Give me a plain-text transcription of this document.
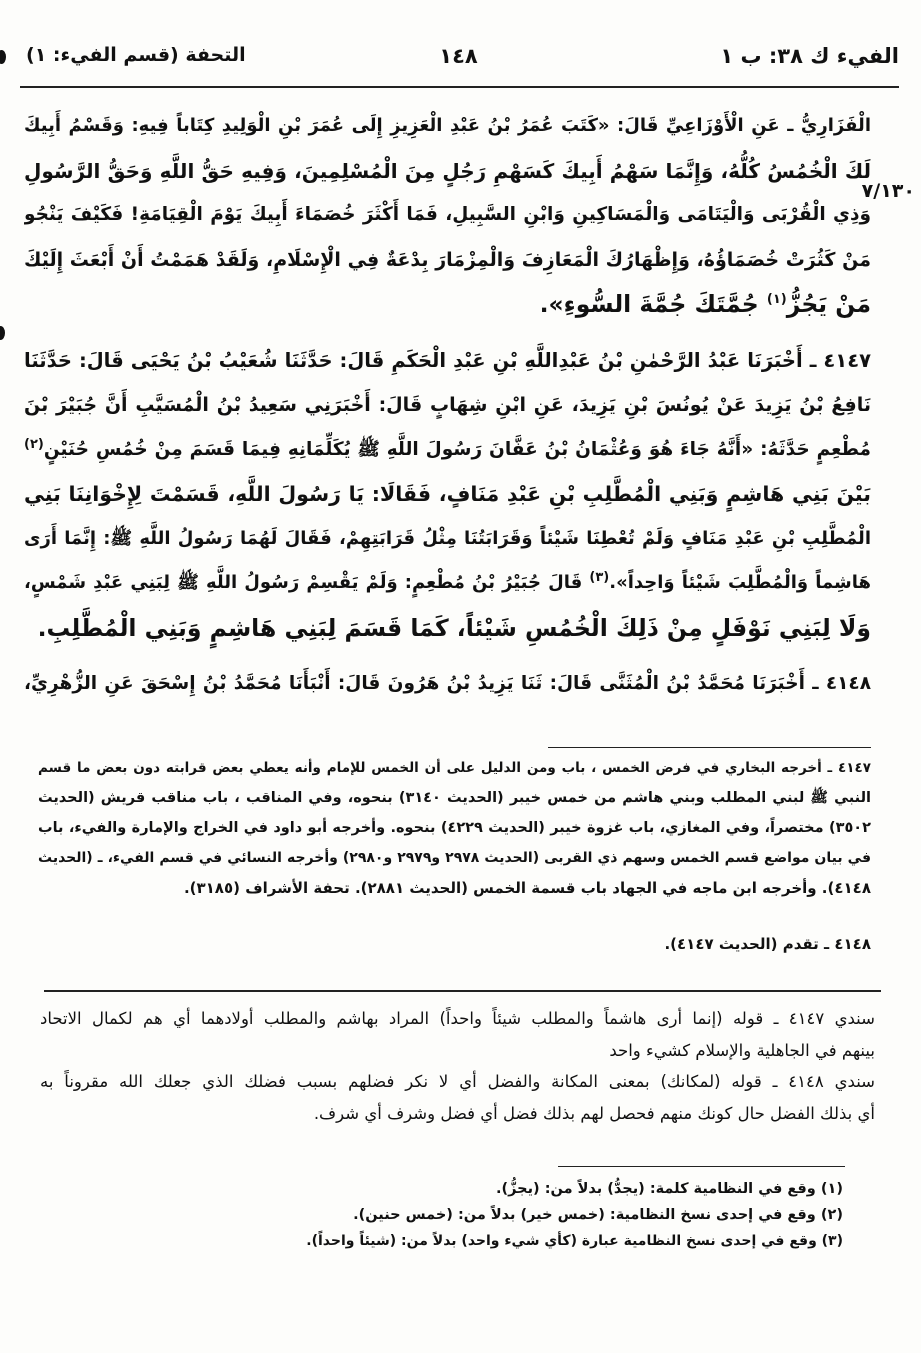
الفيء ك ٣٨: ب ١
١٤٨
التحفة (قسم الفيء: ١)
٧/١٣٠
الْفَزَارِيُّ ـ عَنِ الْأَوْزَاعِيِّ قَالَ: «كَتَبَ عُمَرُ بْنُ عَبْدِ الْعَزِيزِ إِلَى عُمَرَ بْنِ الْوَلِيدِ كِتَاباً فِيهِ: وَقَسْمُ أَبِيكَ
لَكَ الْخُمُسُ كُلُّهُ، وَإِنَّمَا سَهْمُ أَبِيكَ كَسَهْمِ رَجُلٍ مِنَ الْمُسْلِمِينَ، وَفِيهِ حَقُّ اللَّهِ وَحَقُّ الرَّسُولِ
وَذِي الْقُرْبَى وَالْيَتَامَى وَالْمَسَاكِينِ وَابْنِ السَّبِيلِ، فَمَا أَكْثَرَ خُصَمَاءَ أَبِيكَ يَوْمَ الْقِيَامَةِ! فَكَيْفَ يَنْجُو
مَنْ كَثُرَتْ خُصَمَاؤُهُ، وَإِظْهَارُكَ الْمَعَازِفَ وَالْمِزْمَارَ بِدْعَةٌ فِي الْإِسْلَامِ، وَلَقَدْ هَمَمْتُ أَنْ أَبْعَثَ إِلَيْكَ
مَنْ يَجُزُّ$^{(١)}$ جُمَّتَكَ جُمَّةَ السُّوءِ».
٤١٤٧ ـ أَخْبَرَنَا عَبْدُ الرَّحْمٰنِ بْنُ عَبْدِاللَّهِ بْنِ عَبْدِ الْحَكَمِ قَالَ: حَدَّثَنَا شُعَيْبُ بْنُ يَحْيَى قَالَ: حَدَّثَنَا
نَافِعُ بْنُ يَزِيدَ عَنْ يُونُسَ بْنِ يَزِيدَ، عَنِ ابْنِ شِهَابٍ قَالَ: أَخْبَرَنِي سَعِيدُ بْنُ الْمُسَيَّبِ أَنَّ جُبَيْرَ بْنَ
مُطْعِمٍ حَدَّثَهُ: «أَنَّهُ جَاءَ هُوَ وَعُثْمَانُ بْنُ عَفَّانَ رَسُولَ اللَّهِ ﷺ يُكَلِّمَانِهِ فِيمَا قَسَمَ مِنْ خُمُسِ حُنَيْنٍ$^{(٢)}$
بَيْنَ بَنِي هَاشِمٍ وَبَنِي الْمُطَّلِبِ بْنِ عَبْدِ مَنَافٍ، فَقَالَا: يَا رَسُولَ اللَّهِ، قَسَمْتَ لِإِخْوَانِنَا بَنِي
الْمُطَّلِبِ بْنِ عَبْدِ مَنَافٍ وَلَمْ تُعْطِنَا شَيْئاً وَقَرَابَتُنَا مِثْلُ قَرَابَتِهِمْ، فَقَالَ لَهُمَا رَسُولُ اللَّهِ ﷺ: إِنَّمَا أَرَى
هَاشِماً وَالْمُطَّلِبَ شَيْئاً وَاحِداً».$^{(٣)}$ قَالَ جُبَيْرُ بْنُ مُطْعِمٍ: وَلَمْ يَقْسِمْ رَسُولُ اللَّهِ ﷺ لِبَنِي عَبْدِ شَمْسٍ،
وَلَا لِبَنِي نَوْفَلٍ مِنْ ذَلِكَ الْخُمُسِ شَيْئاً، كَمَا قَسَمَ لِبَنِي هَاشِمٍ وَبَنِي الْمُطَّلِبِ.
٤١٤٨ ـ أَخْبَرَنَا مُحَمَّدُ بْنُ الْمُثَنَّى قَالَ: ثَنَا يَزِيدُ بْنُ هَرُونَ قَالَ: أَنْبَأَنَا مُحَمَّدُ بْنُ إِسْحَقَ عَنِ الزُّهْرِيِّ،
٤١٤٧ ـ أخرجه البخاري في فرض الخمس ، باب ومن الدليل على أن الخمس للإمام وأنه يعطي بعض قرابته دون بعض ما قسم
النبي ﷺ لبني المطلب وبني هاشم من خمس خيبر (الحديث ٣١٤٠) بنحوه، وفي المناقب ، باب مناقب قريش (الحديث
٣٥٠٢) مختصراً، وفي المغازي، باب غزوة خيبر (الحديث ٤٢٢٩) بنحوه. وأخرجه أبو داود في الخراج والإمارة والفيء، باب
في بيان مواضع قسم الخمس وسهم ذي القربى (الحديث ٢٩٧٨ و٢٩٧٩ و٢٩٨٠) وأخرجه النسائي في قسم الفيء، ـ (الحديث
٤١٤٨). وأخرجه ابن ماجه في الجهاد باب قسمة الخمس (الحديث ٢٨٨١). تحفة الأشراف (٣١٨٥).
٤١٤٨ ـ تقدم (الحديث ٤١٤٧).
سندي ٤١٤٧ ـ قوله (إنما أرى هاشماً والمطلب شيئاً واحداً) المراد بهاشم والمطلب أولادهما أي هم لكمال الاتحاد
بينهم في الجاهلية والإسلام كشيء واحد
سندي ٤١٤٨ ـ قوله (لمكانك) بمعنى المكانة والفضل أي لا نكر فضلهم بسبب فضلك الذي جعلك الله مقروناً به
أي بذلك الفضل حال كونك منهم فحصل لهم بذلك فضل أي فضل وشرف أي شرف.
(١) وقع في النظامية كلمة: (يجدُّ) بدلاً من: (يجزُّ).
(٢) وقع في إحدى نسخ النظامية: (خمس خير) بدلاً من: (خمس حنين).
(٣) وقع في إحدى نسخ النظامية عبارة (كأي شيء واحد) بدلاً من: (شيئاً واحداً).
